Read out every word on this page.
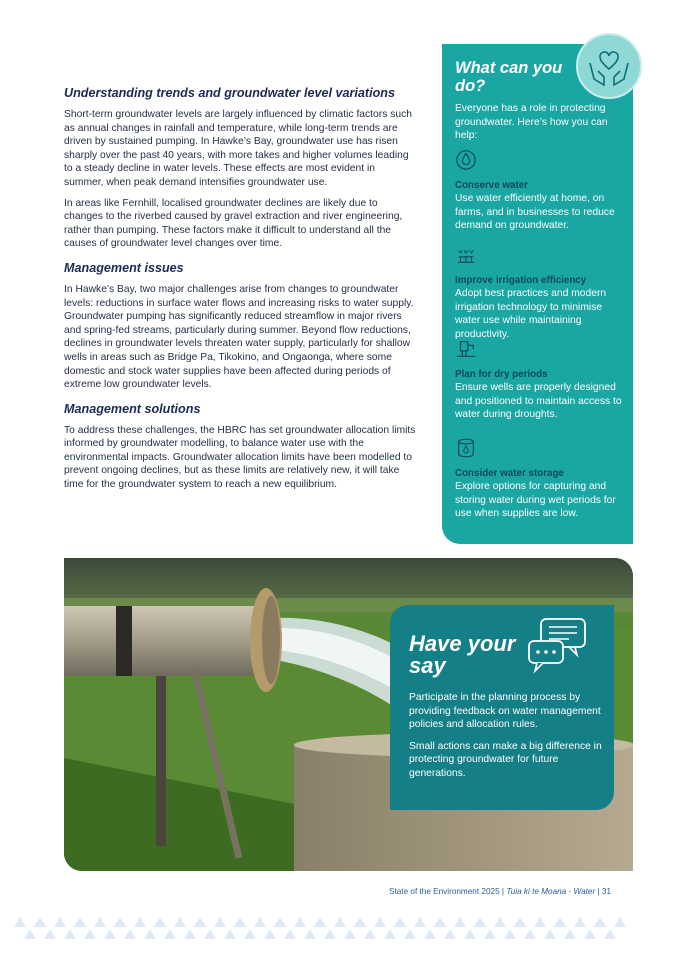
Understanding trends and groundwater level variations

Short-term groundwater levels are largely influenced by climatic factors such as annual changes in rainfall and temperature, while long-term trends are driven by sustained pumping. In Hawke’s Bay, groundwater use has risen sharply over the past 40 years, with more takes and higher volumes leading to a steady decline in water levels. These effects are most evident in summer, when peak demand intensifies groundwater use.

In areas like Fernhill, localised groundwater declines are likely due to changes to the riverbed caused by gravel extraction and river engineering, rather than pumping. These factors make it difficult to understand all the causes of groundwater level changes over time.

Management issues

In Hawke’s Bay, two major challenges arise from changes to groundwater levels: reductions in surface water flows and increasing risks to water supply. Groundwater pumping has significantly reduced streamflow in major rivers and spring-fed streams, particularly during summer. Beyond flow reductions, declines in groundwater levels threaten water supply, particularly for shallow wells in areas such as Bridge Pa, Tikokino, and Ongaonga, where some domestic and stock water supplies have been affected during periods of extreme low groundwater levels.

Management solutions

To address these challenges, the HBRC has set groundwater allocation limits informed by groundwater modelling, to balance water use with the environmental impacts. Groundwater allocation limits have been modelled to prevent ongoing declines, but as these limits are relatively new, it will take time for the groundwater system to reach a new equilibrium.

What can you do?
Everyone has a role in protecting groundwater. Here’s how you can help:
Conserve water
Use water efficiently at home, on farms, and in businesses to reduce demand on groundwater.
Improve irrigation efficiency
Adopt best practices and modern irrigation technology to minimise water use while maintaining productivity.
Plan for dry periods
Ensure wells are properly designed and positioned to maintain access to water during droughts.
Consider water storage
Explore options for capturing and storing water during wet periods for use when supplies are low.
Have your say

Participate in the planning process by providing feedback on water management policies and allocation rules.

Small actions can make a big difference in protecting groundwater for future generations.

State of the Environment 2025 | Tuia ki te Moana - Water | 31
